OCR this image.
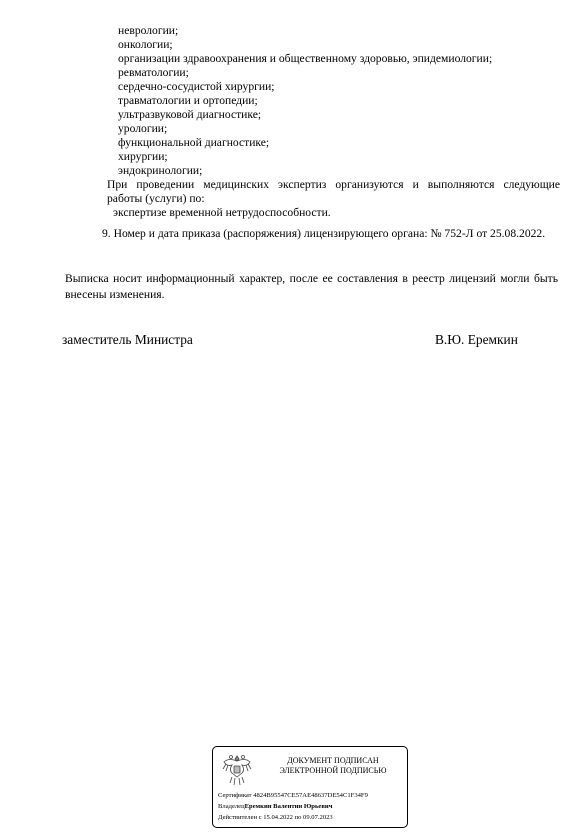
неврологии;
онкологии;
организации здравоохранения и общественному здоровью, эпидемиологии;
ревматологии;
сердечно-сосудистой хирургии;
травматологии и ортопедии;
ультразвуковой диагностике;
урологии;
функциональной диагностике;
хирургии;
эндокринологии;
При проведении медицинских экспертиз организуются и выполняются следующие
работы (услуги) по:
экспертизе временной нетрудоспособности.
9. Номер и дата приказа (распоряжения) лицензирующего органа: № 752-Л от 25.08.2022.
Выписка носит информационный характер, после ее составления в реестр лицензий могли быть
внесены изменения.
заместитель Министра	В.Ю. Еремкин
ДОКУМЕНТ ПОДПИСАН
ЭЛЕКТРОННОЙ ПОДПИСЬЮ
Сертификат 4824B95547CE57AE48637DE54C1F34F9
ВладелецЕремкин Валентин Юрьевич
Действителен с 15.04.2022 по 09.07.2023
